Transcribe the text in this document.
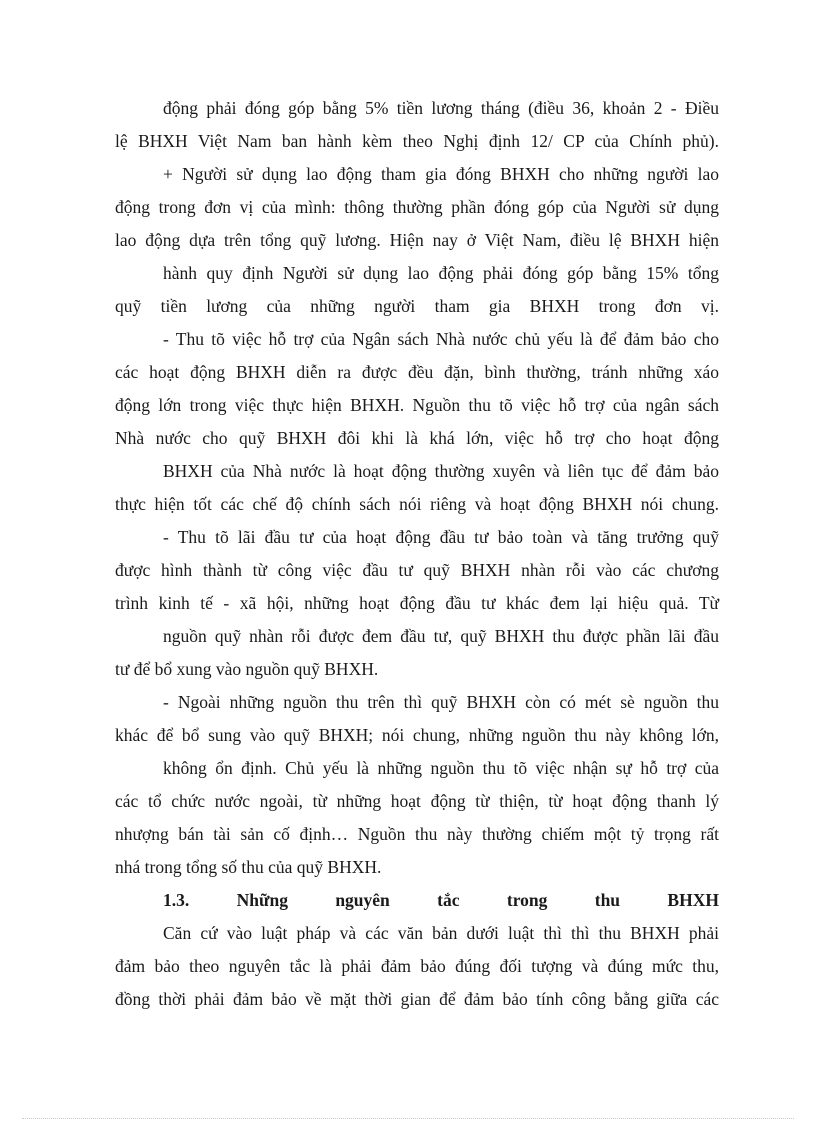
động phải đóng góp bằng 5% tiền lương tháng (điều 36, khoản 2 - Điều
lệ BHXH Việt Nam ban hành kèm theo Nghị định 12/ CP của Chính phủ).
+ Người sử dụng lao động tham gia đóng BHXH cho những người lao
động trong đơn vị của mình: thông thường phần đóng góp của Người sử dụng
lao động dựa trên tổng quỹ lương. Hiện nay ở Việt Nam, điều lệ BHXH hiện
hành quy định Người sử dụng lao động phải đóng góp bằng 15% tổng
quỹ tiền lương của những người tham gia BHXH trong đơn vị.
- Thu tõ việc hỗ trợ của Ngân sách Nhà nước chủ yếu là để đảm bảo cho
các hoạt động BHXH diễn ra được đều đặn, bình thường, tránh những xáo
động lớn trong việc thực hiện BHXH. Nguồn thu tõ việc hỗ trợ của ngân sách
Nhà nước cho quỹ BHXH đôi khi là khá lớn, việc hỗ trợ cho hoạt động
BHXH của Nhà nước là hoạt động thường xuyên và liên tục để đảm bảo
thực hiện tốt các chế độ chính sách nói riêng và hoạt động BHXH nói chung.
- Thu tõ lãi đầu tư của hoạt động đầu tư bảo toàn và tăng trưởng quỹ
được hình thành từ công việc đầu tư quỹ BHXH nhàn rỗi vào các chương
trình kinh tế - xã hội, những hoạt động đầu tư khác đem lại hiệu quả. Từ
nguồn quỹ nhàn rỗi được đem đầu tư, quỹ BHXH thu được phần lãi đầu
tư để bổ xung vào nguồn quỹ BHXH.
- Ngoài những nguồn thu trên thì quỹ BHXH còn có mét sè nguồn thu
khác để bổ sung vào quỹ BHXH; nói chung, những nguồn thu này không lớn,
không ổn định. Chủ yếu là những nguồn thu tõ việc nhận sự hỗ trợ của
các tổ chức nước ngoài, từ những hoạt động từ thiện, từ hoạt động thanh lý
nhượng bán tài sản cố định… Nguồn thu này thường chiếm một tỷ trọng rất
nhá trong tổng số thu của quỹ BHXH.
1.3.	Những	nguyên	tắc	trong	thu	BHXH
Căn cứ vào luật pháp và các văn bản dưới luật thì thì thu BHXH phải
đảm bảo theo nguyên tắc là phải đảm bảo đúng đối tượng và đúng mức thu,
đồng thời phải đảm bảo về mặt thời gian để đảm bảo tính công bằng giữa các
